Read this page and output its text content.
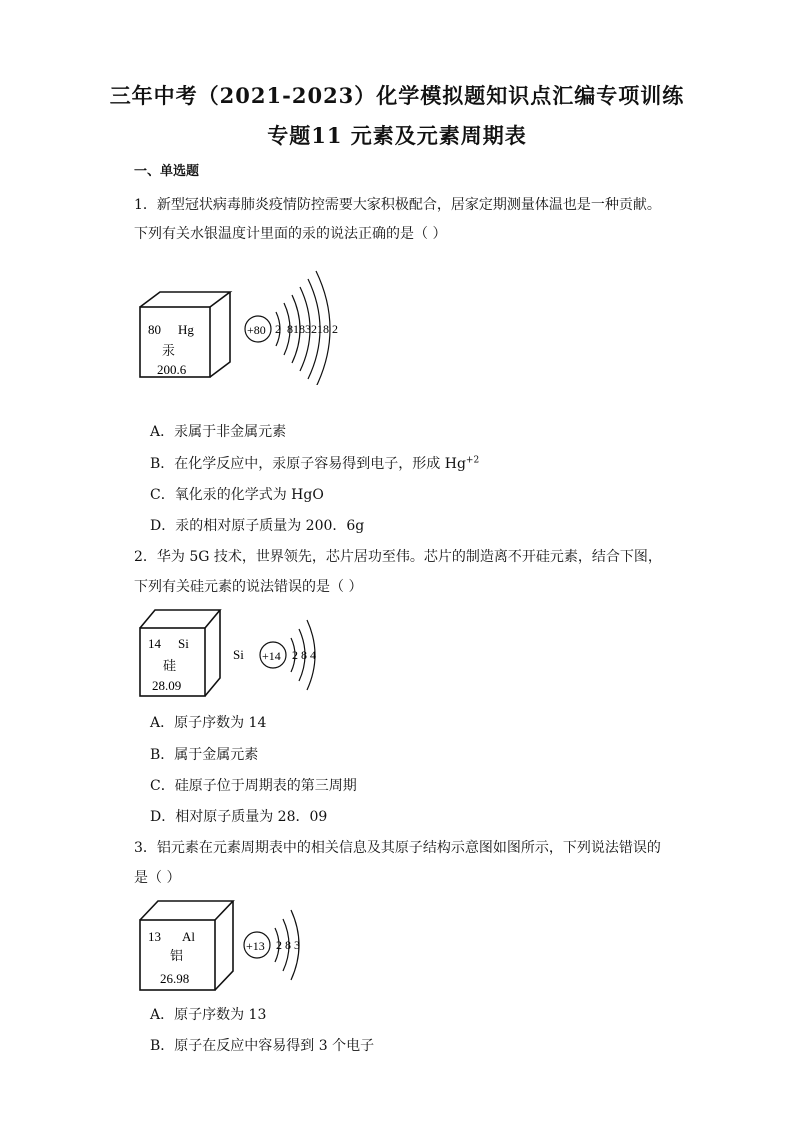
三年中考（2021-2023）化学模拟题知识点汇编专项训练
专题11 元素及元素周期表
一、单选题
1．新型冠状病毒肺炎疫情防控需要大家积极配合，居家定期测量体温也是一种贡献。
下列有关水银温度计里面的汞的说法正确的是（ ）
80 Hg
汞
200.6
+80 2  8183218 2
A．汞属于非金属元素
B．在化学反应中，汞原子容易得到电子，形成 $Hg^{+2}$
C．氧化汞的化学式为 HgO
D．汞的相对原子质量为 200．6g
2．华为 5G 技术，世界领先，芯片居功至伟。芯片的制造离不开硅元素，结合下图，
下列有关硅元素的说法错误的是（ ）
14 Si
硅
28.09
Si +14 2 8 4
A．原子序数为 14
B．属于金属元素
C．硅原子位于周期表的第三周期
D．相对原子质量为 28．09
3．铝元素在元素周期表中的相关信息及其原子结构示意图如图所示，下列说法错误的
是（ ）
13 Al
铝
26.98
+13 2 8 3
A．原子序数为 13
B．原子在反应中容易得到 3 个电子
